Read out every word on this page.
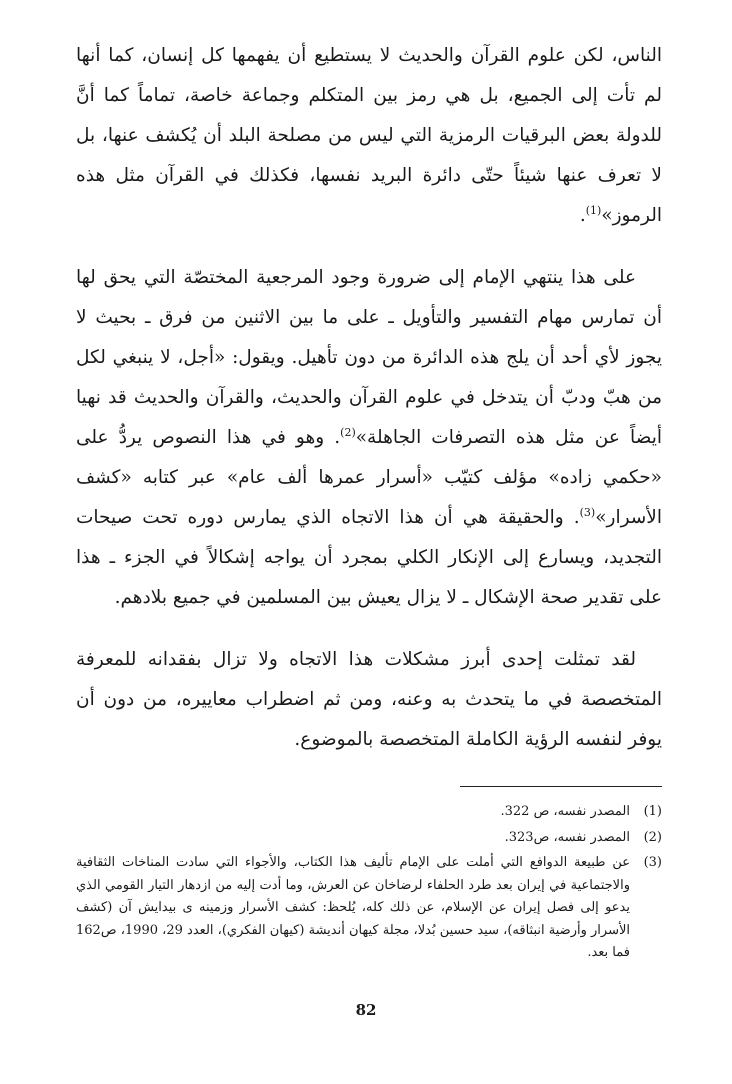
الناس، لكن علوم القرآن والحديث لا يستطيع أن يفهمها كل إنسان، كما أنها لم تأت إلى الجميع، بل هي رمز بين المتكلم وجماعة خاصة، تماماً كما أنَّ للدولة بعض البرقيات الرمزية التي ليس من مصلحة البلد أن يُكشف عنها، بل لا تعرف عنها شيئاً حتّى دائرة البريد نفسها، فكذلك في القرآن مثل هذه الرموز»$^{(1)}$.

على هذا ينتهي الإمام إلى ضرورة وجود المرجعية المختصّة التي يحق لها أن تمارس مهام التفسير والتأويل ـ على ما بين الاثنين من فرق ـ بحيث لا يجوز لأي أحد أن يلج هذه الدائرة من دون تأهيل. ويقول: «أجل، لا ينبغي لكل من هبّ ودبّ أن يتدخل في علوم القرآن والحديث، والقرآن والحديث قد نهيا أيضاً عن مثل هذه التصرفات الجاهلة»$^{(2)}$. وهو في هذا النصوص يردُّ على «حكمي زاده» مؤلف كتيّب «أسرار عمرها ألف عام» عبر كتابه «كشف الأسرار»$^{(3)}$. والحقيقة هي أن هذا الاتجاه الذي يمارس دوره تحت صيحات التجديد، ويسارع إلى الإنكار الكلي بمجرد أن يواجه إشكالاً في الجزء ـ هذا على تقدير صحة الإشكال ـ لا يزال يعيش بين المسلمين في جميع بلادهم.

لقد تمثلت إحدى أبرز مشكلات هذا الاتجاه ولا تزال بفقدانه للمعرفة المتخصصة في ما يتحدث به وعنه، ومن ثم اضطراب معاييره، من دون أن يوفر لنفسه الرؤية الكاملة المتخصصة بالموضوع.

(1)
المصدر نفسه، ص 322.
(2)
المصدر نفسه، ص323.
(3)
عن طبيعة الدوافع التي أملت على الإمام تأليف هذا الكتاب، والأجواء التي سادت المناخات الثقافية والاجتماعية في إيران بعد طرد الحلفاء لرضاخان عن العرش، وما أدت إليه من ازدهار التيار القومي الذي يدعو إلى فصل إيران عن الإسلام، عن ذلك كله، يُلحظ: كشف الأسرار وزمينه ى بيدايش آن (كشف الأسرار وأرضية انبثاقه)، سيد حسين بُدلا، مجلة كيهان أنديشة (كيهان الفكري)، العدد 29، 1990، ص162 فما بعد.
82
